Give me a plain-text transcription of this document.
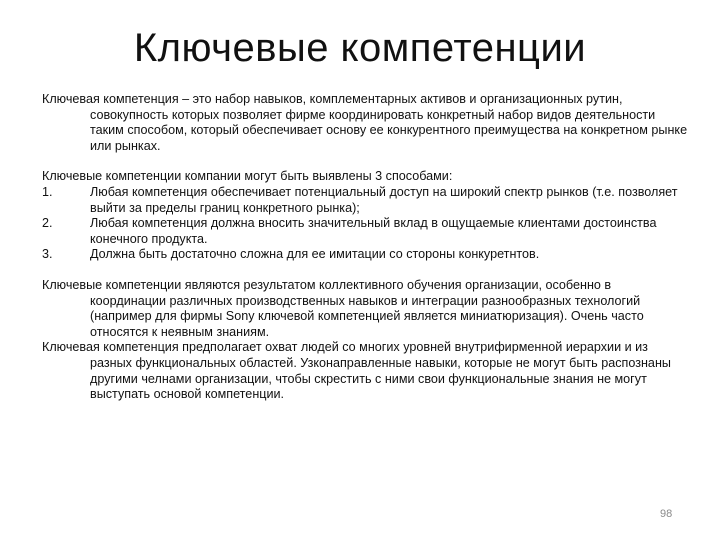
Ключевые компетенции

Ключевая компетенция – это набор навыков, комплементарных активов и организационных рутин, совокупность которых позволяет фирме координировать конкретный набор видов деятельности таким способом, который обеспечивает основу ее конкурентного преимущества на конкретном рынке или рынках.

Ключевые компетенции компании могут быть выявлены 3 способами:

1.	Любая компетенция обеспечивает потенциальный доступ на широкий спектр рынков (т.е. позволяет выйти за пределы границ конкретного рынка);
2.	Любая компетенция должна вносить значительный вклад в ощущаемые клиентами достоинства конечного продукта.
3.	Должна быть достаточно сложна для ее имитации со стороны конкуретнтов.

Ключевые компетенции являются результатом коллективного обучения организации, особенно в координации различных производственных навыков и интеграции разнообразных технологий (например для фирмы Sony ключевой компетенцией является миниатюризация). Очень часто относятся к неявным знаниям.

Ключевая компетенция предполагает охват людей со многих уровней внутрифирменной иерархии и из разных функциональных областей. Узконаправленные навыки, которые не могут быть распознаны другими челнами организации, чтобы скрестить с ними свои функциональные знания не могут выступать основой компетенции.

98
